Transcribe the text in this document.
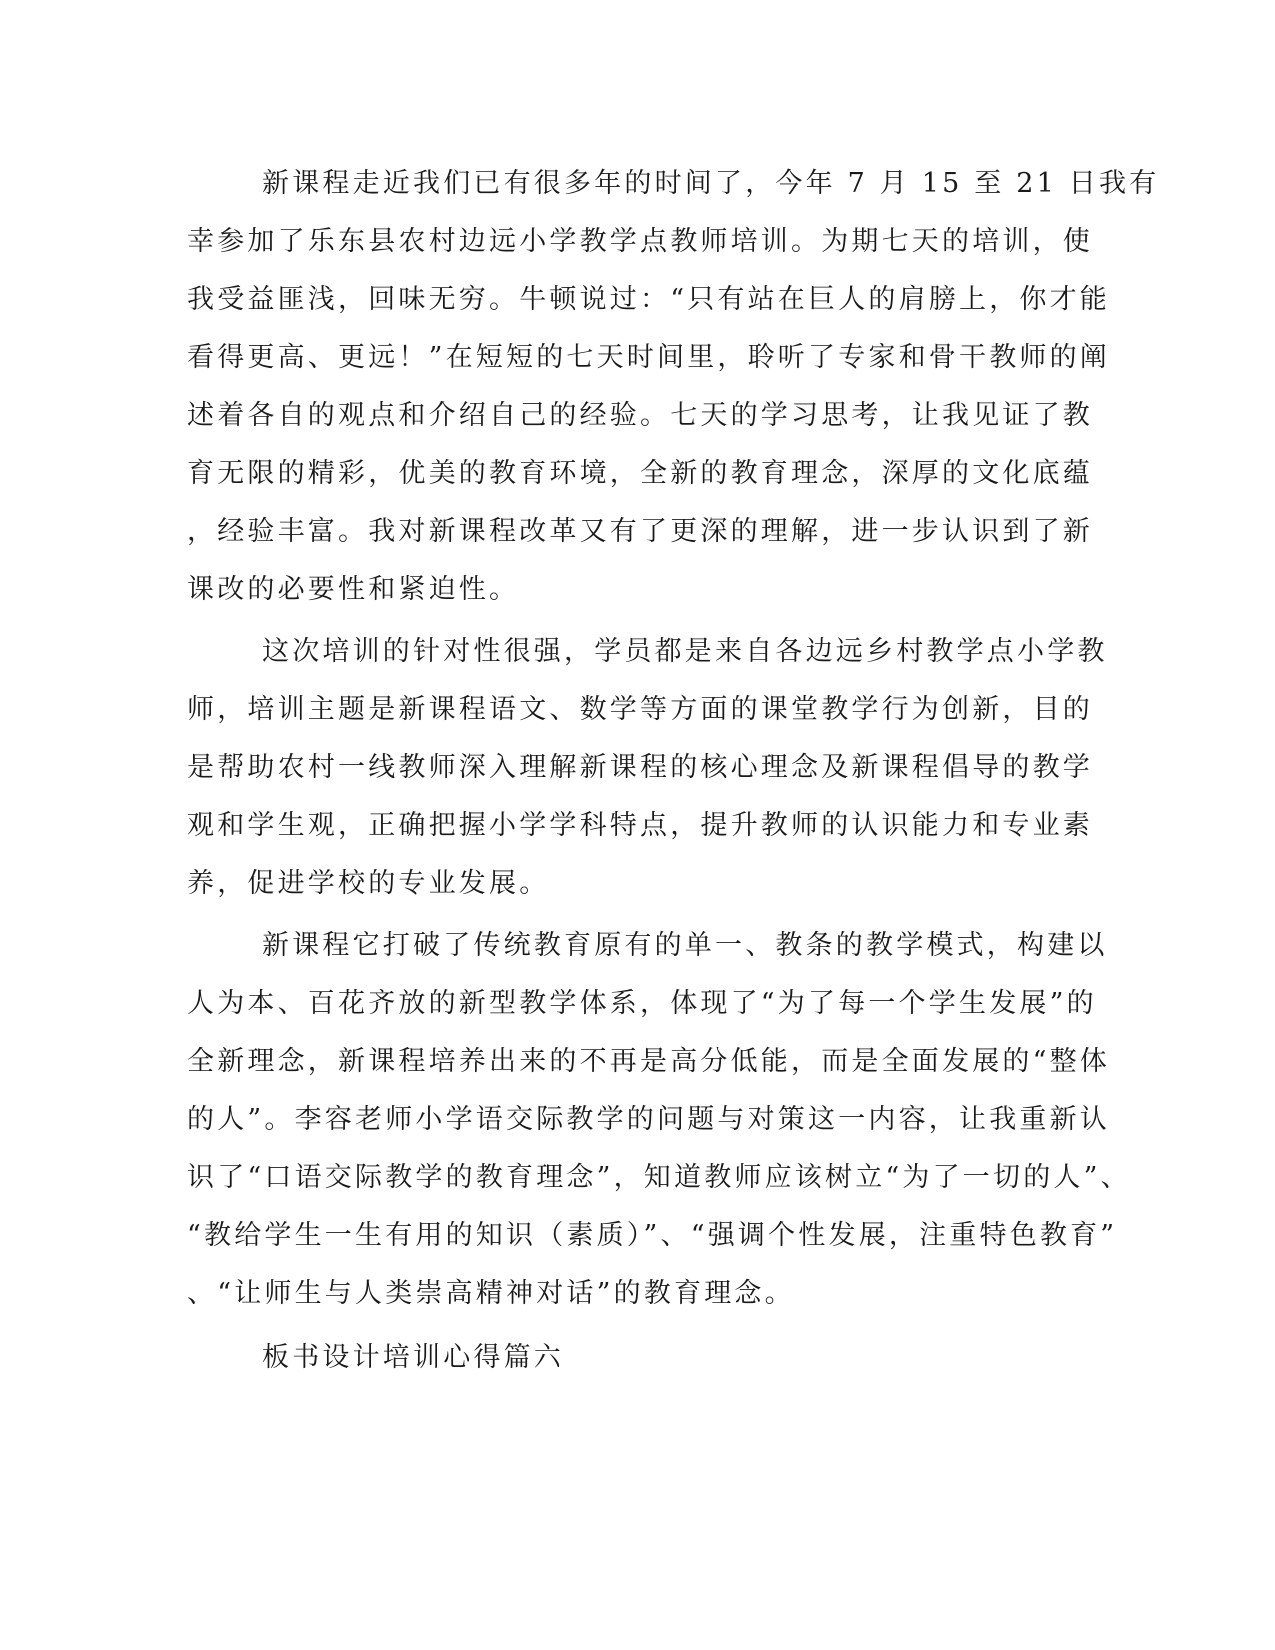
新课程走近我们已有很多年的时间了，今年 7 月 15 至 21 日我有
幸参加了乐东县农村边远小学教学点教师培训。为期七天的培训，使
我受益匪浅，回味无穷。牛顿说过：“只有站在巨人的肩膀上，你才能
看得更高、更远！”在短短的七天时间里，聆听了专家和骨干教师的阐
述着各自的观点和介绍自己的经验。七天的学习思考，让我见证了教
育无限的精彩，优美的教育环境，全新的教育理念，深厚的文化底蕴
，经验丰富。我对新课程改革又有了更深的理解，进一步认识到了新
课改的必要性和紧迫性。
这次培训的针对性很强，学员都是来自各边远乡村教学点小学教
师，培训主题是新课程语文、数学等方面的课堂教学行为创新，目的
是帮助农村一线教师深入理解新课程的核心理念及新课程倡导的教学
观和学生观，正确把握小学学科特点，提升教师的认识能力和专业素
养，促进学校的专业发展。
新课程它打破了传统教育原有的单一、教条的教学模式，构建以
人为本、百花齐放的新型教学体系，体现了“为了每一个学生发展”的
全新理念，新课程培养出来的不再是高分低能，而是全面发展的“整体
的人”。李容老师小学语交际教学的问题与对策这一内容，让我重新认
识了“口语交际教学的教育理念”，知道教师应该树立“为了一切的人”、
“教给学生一生有用的知识（素质）”、“强调个性发展，注重特色教育”
、“让师生与人类崇高精神对话”的教育理念。
板书设计培训心得篇六
